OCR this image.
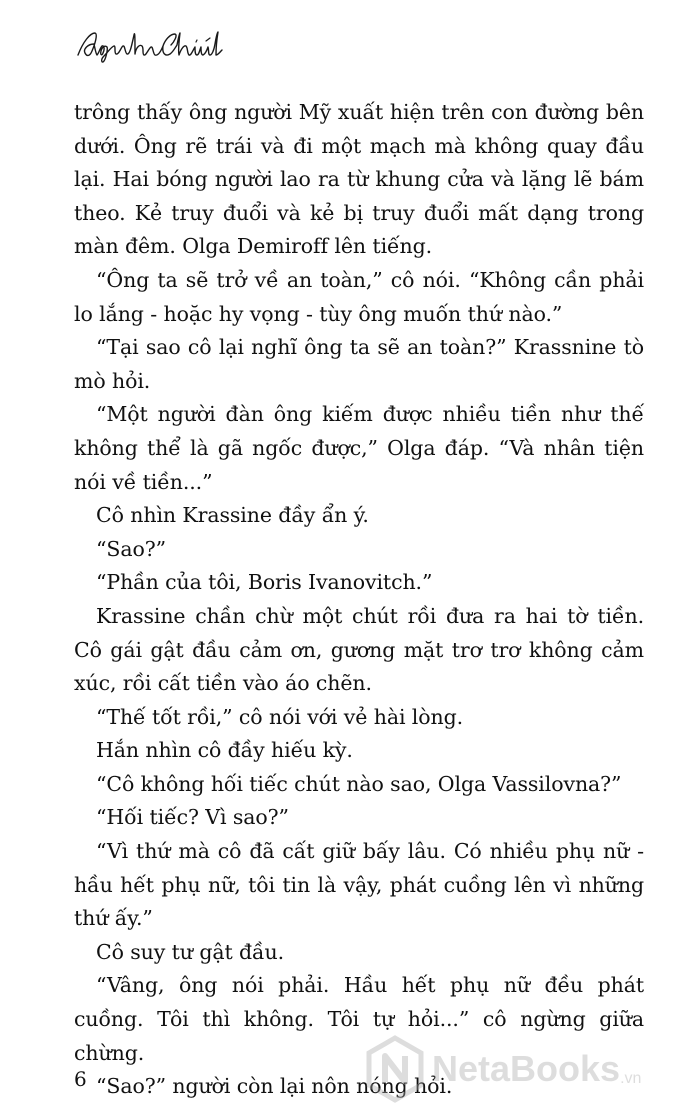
trông thấy ông người Mỹ xuất hiện trên con đường bên dưới. Ông rẽ trái và đi một mạch mà không quay đầu lại. Hai bóng người lao ra từ khung cửa và lặng lẽ bám theo. Kẻ truy đuổi và kẻ bị truy đuổi mất dạng trong màn đêm. Olga Demiroff lên tiếng.

“Ông ta sẽ trở về an toàn,” cô nói. “Không cần phải lo lắng - hoặc hy vọng - tùy ông muốn thứ nào.”

“Tại sao cô lại nghĩ ông ta sẽ an toàn?” Krassnine tò mò hỏi.

“Một người đàn ông kiếm được nhiều tiền như thế không thể là gã ngốc được,” Olga đáp. “Và nhân tiện nói về tiền...”

Cô nhìn Krassine đầy ẩn ý.

“Sao?”

“Phần của tôi, Boris Ivanovitch.”

Krassine chần chừ một chút rồi đưa ra hai tờ tiền. Cô gái gật đầu cảm ơn, gương mặt trơ trơ không cảm xúc, rồi cất tiền vào áo chẽn.

“Thế tốt rồi,” cô nói với vẻ hài lòng.

Hắn nhìn cô đầy hiếu kỳ.

“Cô không hối tiếc chút nào sao, Olga Vassilovna?”

“Hối tiếc? Vì sao?”

“Vì thứ mà cô đã cất giữ bấy lâu. Có nhiều phụ nữ - hầu hết phụ nữ, tôi tin là vậy, phát cuồng lên vì những thứ ấy.”

Cô suy tư gật đầu.

“Vâng, ông nói phải. Hầu hết phụ nữ đều phát cuồng. Tôi thì không. Tôi tự hỏi...” cô ngừng giữa chừng.

“Sao?” người còn lại nôn nóng hỏi.

6	NetaBooks.vn
